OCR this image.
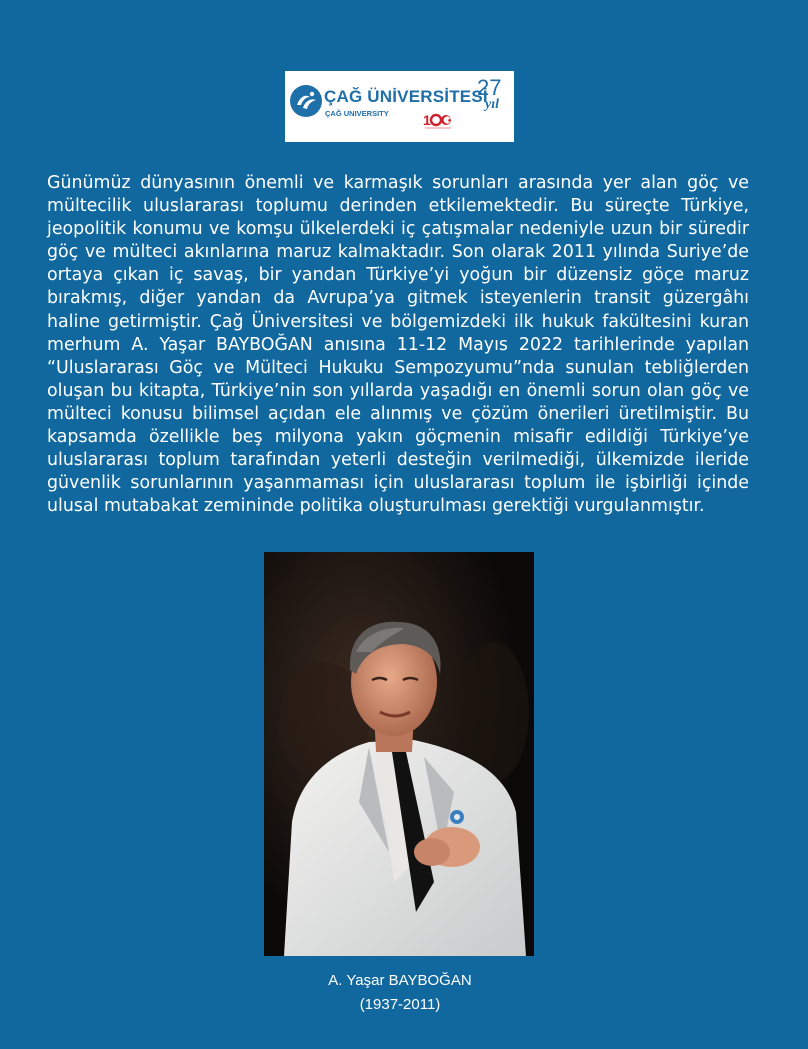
ÇAĞ ÜNİVERSİTESİ
ÇAĞ UNIVERSITY
27
yıl
1

Günümüz dünyasının önemli ve karmaşık sorunları arasında yer alan göç ve mültecilik uluslararası toplumu derinden etkilemektedir. Bu süreçte Türkiye, jeopolitik konumu ve komşu ülkelerdeki iç çatışmalar nedeniyle uzun bir süredir göç ve mülteci akınlarına maruz kalmaktadır. Son olarak 2011 yılında Suriye’de ortaya çıkan iç savaş, bir yandan Türkiye’yi yoğun bir düzensiz göçe maruz bırakmış, diğer yandan da Avrupa’ya gitmek isteyenlerin transit güzergâhı haline getirmiştir. Çağ Üniversitesi ve bölgemizdeki ilk hukuk fakültesini kuran merhum A. Yaşar BAYBOĞAN anısına 11-12 Mayıs 2022 tarihlerinde yapılan “Uluslararası Göç ve Mülteci Hukuku Sempozyumu”nda sunulan tebliğlerden oluşan bu kitapta, Türkiye’nin son yıllarda yaşadığı en önemli sorun olan göç ve mülteci konusu bilimsel açıdan ele alınmış ve çözüm önerileri üretilmiştir. Bu kapsamda özellikle beş milyona yakın göçmenin misafir edildiği Türkiye’ye uluslararası toplum tarafından yeterli desteğin verilmediği, ülkemizde ileride güvenlik sorunlarının yaşanmaması için uluslararası toplum ile işbirliği içinde ulusal mutabakat zemininde politika oluşturulması gerektiği vurgulanmıştır.

A. Yaşar BAYBOĞAN
(1937-2011)
